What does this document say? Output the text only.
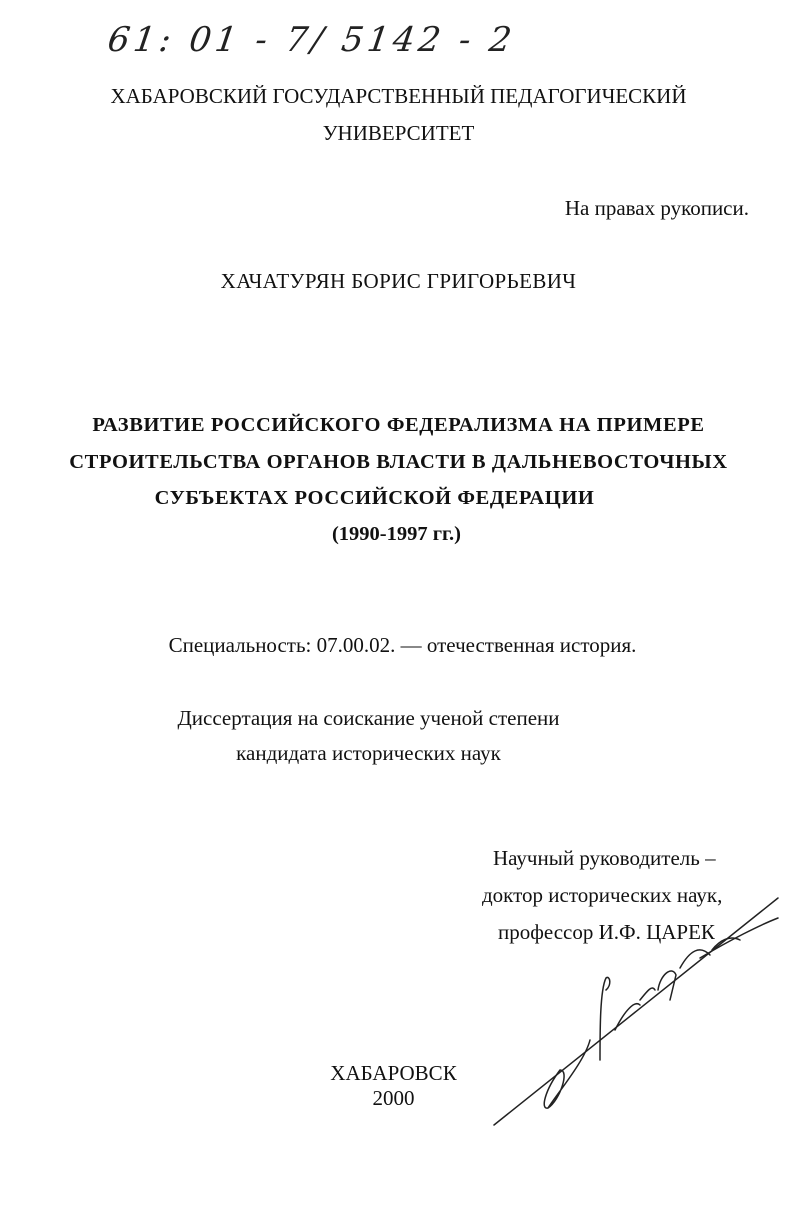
61: 01 - 7/ 5142 - 2
ХАБАРОВСКИЙ ГОСУДАРСТВЕННЫЙ ПЕДАГОГИЧЕСКИЙ
УНИВЕРСИТЕТ
На правах рукописи.
ХАЧАТУРЯН БОРИС ГРИГОРЬЕВИЧ
РАЗВИТИЕ РОССИЙСКОГО ФЕДЕРАЛИЗМА НА ПРИМЕРЕ
СТРОИТЕЛЬСТВА ОРГАНОВ ВЛАСТИ В ДАЛЬНЕВОСТОЧНЫХ
СУБЪЕКТАХ РОССИЙСКОЙ ФЕДЕРАЦИИ
(1990-1997 гг.)
Специальность: 07.00.02. — отечественная история.
Диссертация на соискание ученой степени
кандидата исторических наук
Научный руководитель –
доктор исторических наук,
профессор И.Ф. ЦАРЕК
ХАБАРОВСК
2000
